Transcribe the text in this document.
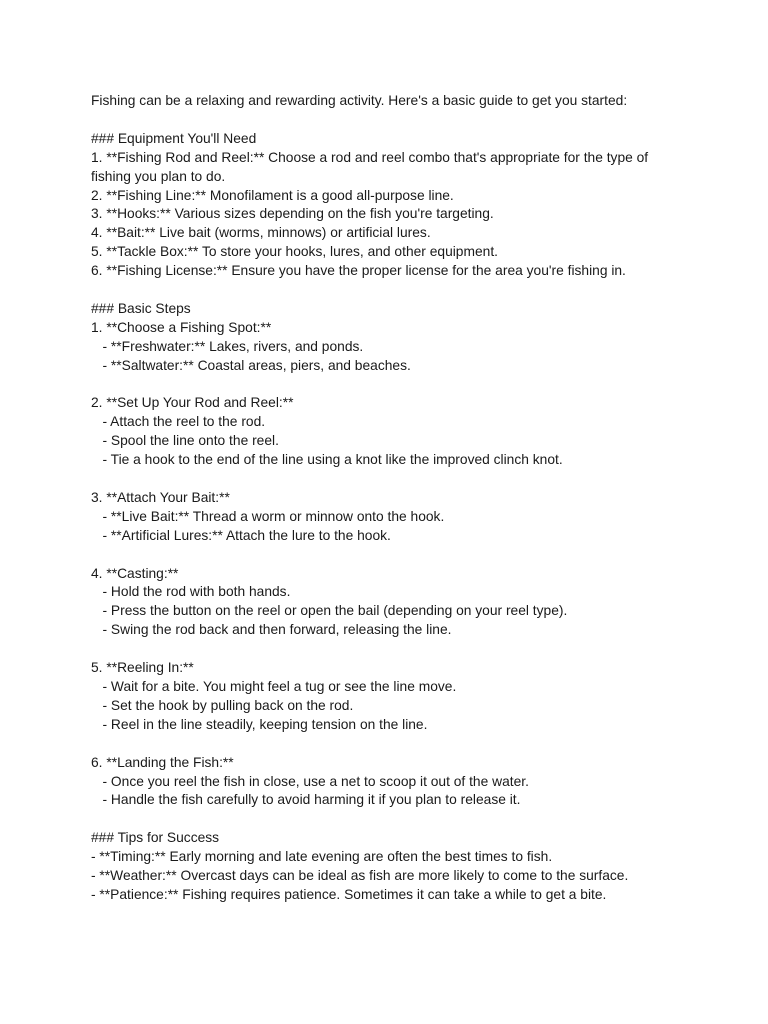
Fishing can be a relaxing and rewarding activity. Here's a basic guide to get you started:

### Equipment You'll Need

1. **Fishing Rod and Reel:** Choose a rod and reel combo that's appropriate for the type of fishing you plan to do.

2. **Fishing Line:** Monofilament is a good all-purpose line.

3. **Hooks:** Various sizes depending on the fish you're targeting.

4. **Bait:** Live bait (worms, minnows) or artificial lures.

5. **Tackle Box:** To store your hooks, lures, and other equipment.

6. **Fishing License:** Ensure you have the proper license for the area you're fishing in.

### Basic Steps

1. **Choose a Fishing Spot:**

- **Freshwater:** Lakes, rivers, and ponds.

- **Saltwater:** Coastal areas, piers, and beaches.

2. **Set Up Your Rod and Reel:**

- Attach the reel to the rod.

- Spool the line onto the reel.

- Tie a hook to the end of the line using a knot like the improved clinch knot.

3. **Attach Your Bait:**

- **Live Bait:** Thread a worm or minnow onto the hook.

- **Artificial Lures:** Attach the lure to the hook.

4. **Casting:**

- Hold the rod with both hands.

- Press the button on the reel or open the bail (depending on your reel type).

- Swing the rod back and then forward, releasing the line.

5. **Reeling In:**

- Wait for a bite. You might feel a tug or see the line move.

- Set the hook by pulling back on the rod.

- Reel in the line steadily, keeping tension on the line.

6. **Landing the Fish:**

- Once you reel the fish in close, use a net to scoop it out of the water.

- Handle the fish carefully to avoid harming it if you plan to release it.

### Tips for Success

- **Timing:** Early morning and late evening are often the best times to fish.

- **Weather:** Overcast days can be ideal as fish are more likely to come to the surface.

- **Patience:** Fishing requires patience. Sometimes it can take a while to get a bite.
